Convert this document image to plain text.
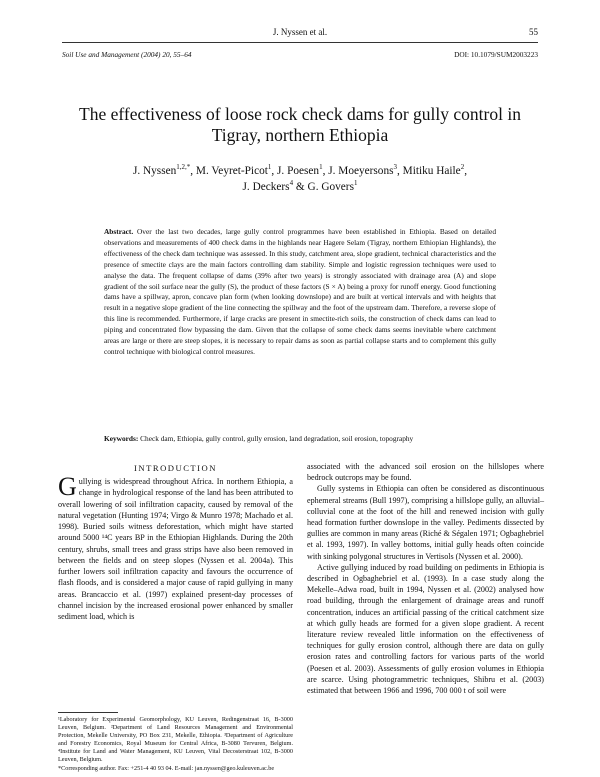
J. Nyssen et al.	55
Soil Use and Management (2004) 20, 55–64	DOI: 10.1079/SUM2003223
The effectiveness of loose rock check dams for gully control in Tigray, northern Ethiopia
J. Nyssen$^{1,2,*}$, M. Veyret-Picot$^1$, J. Poesen$^1$, J. Moeyersons$^3$, Mitiku Haile$^2$,
J. Deckers$^4$ & G. Govers$^1$
Abstract. Over the last two decades, large gully control programmes have been established in Ethiopia. Based on detailed observations and measurements of 400 check dams in the highlands near Hagere Selam (Tigray, northern Ethiopian Highlands), the effectiveness of the check dam technique was assessed. In this study, catchment area, slope gradient, technical characteristics and the presence of smectite clays are the main factors controlling dam stability. Simple and logistic regression techniques were used to analyse the data. The frequent collapse of dams (39% after two years) is strongly associated with drainage area (A) and slope gradient of the soil surface near the gully (S), the product of these factors (S × A) being a proxy for runoff energy. Good functioning dams have a spillway, apron, concave plan form (when looking downslope) and are built at vertical intervals and with heights that result in a negative slope gradient of the line connecting the spillway and the foot of the upstream dam. Therefore, a reverse slope of this line is recommended. Furthermore, if large cracks are present in smectite-rich soils, the construction of check dams can lead to piping and concentrated flow bypassing the dam. Given that the collapse of some check dams seems inevitable where catchment areas are large or there are steep slopes, it is necessary to repair dams as soon as partial collapse starts and to complement this gully control technique with biological control measures.
Keywords: Check dam, Ethiopia, gully control, gully erosion, land degradation, soil erosion, topography
INTRODUCTION
Gullying is widespread throughout Africa. In northern Ethiopia, a change in hydrological response of the land has been attributed to overall lowering of soil infiltration capacity, caused by removal of the natural vegetation (Hunting 1974; Virgo & Munro 1978; Machado et al. 1998). Buried soils witness deforestation, which might have started around 5000 ¹⁴C years BP in the Ethiopian Highlands. During the 20th century, shrubs, small trees and grass strips have also been removed in between the fields and on steep slopes (Nyssen et al. 2004a). This further lowers soil infiltration capacity and favours the occurrence of flash floods, and is considered a major cause of rapid gullying in many areas. Brancaccio et al. (1997) explained present-day processes of channel incision by the increased erosional power enhanced by smaller sediment load, which is

associated with the advanced soil erosion on the hillslopes where bedrock outcrops may be found.

Gully systems in Ethiopia can often be considered as discontinuous ephemeral streams (Bull 1997), comprising a hillslope gully, an alluvial–colluvial cone at the foot of the hill and renewed incision with gully head formation further downslope in the valley. Pediments dissected by gullies are common in many areas (Riché & Ségalen 1971; Ogbaghebriel et al. 1993, 1997). In valley bottoms, initial gully heads often coincide with sinking polygonal structures in Vertisols (Nyssen et al. 2000).

Active gullying induced by road building on pediments in Ethiopia is described in Ogbaghebriel et al. (1993). In a case study along the Mekelle–Adwa road, built in 1994, Nyssen et al. (2002) analysed how road building, through the enlargement of drainage areas and runoff concentration, induces an artificial passing of the critical catchment size at which gully heads are formed for a given slope gradient. A recent literature review revealed little information on the effectiveness of techniques for gully erosion control, although there are data on gully erosion rates and controlling factors for various parts of the world (Poesen et al. 2003). Assessments of gully erosion volumes in Ethiopia are scarce. Using photogrammetric techniques, Shibru et al. (2003) estimated that between 1966 and 1996, 700 000 t of soil were

¹Laboratory for Experimental Geomorphology, KU Leuven, Redingenstraat 16, B-3000 Leuven, Belgium. ²Department of Land Resources Management and Environmental Protection, Mekelle University, PO Box 231, Mekelle, Ethiopia. ³Department of Agriculture and Forestry Economics, Royal Museum for Central Africa, B-3080 Tervuren, Belgium. ⁴Institute for Land and Water Management, KU Leuven, Vital Decosterstraat 102, B-3000 Leuven, Belgium.

*Corresponding author. Fax: +251-4 40 93 04. E-mail: jan.nyssen@geo.kuleuven.ac.be
